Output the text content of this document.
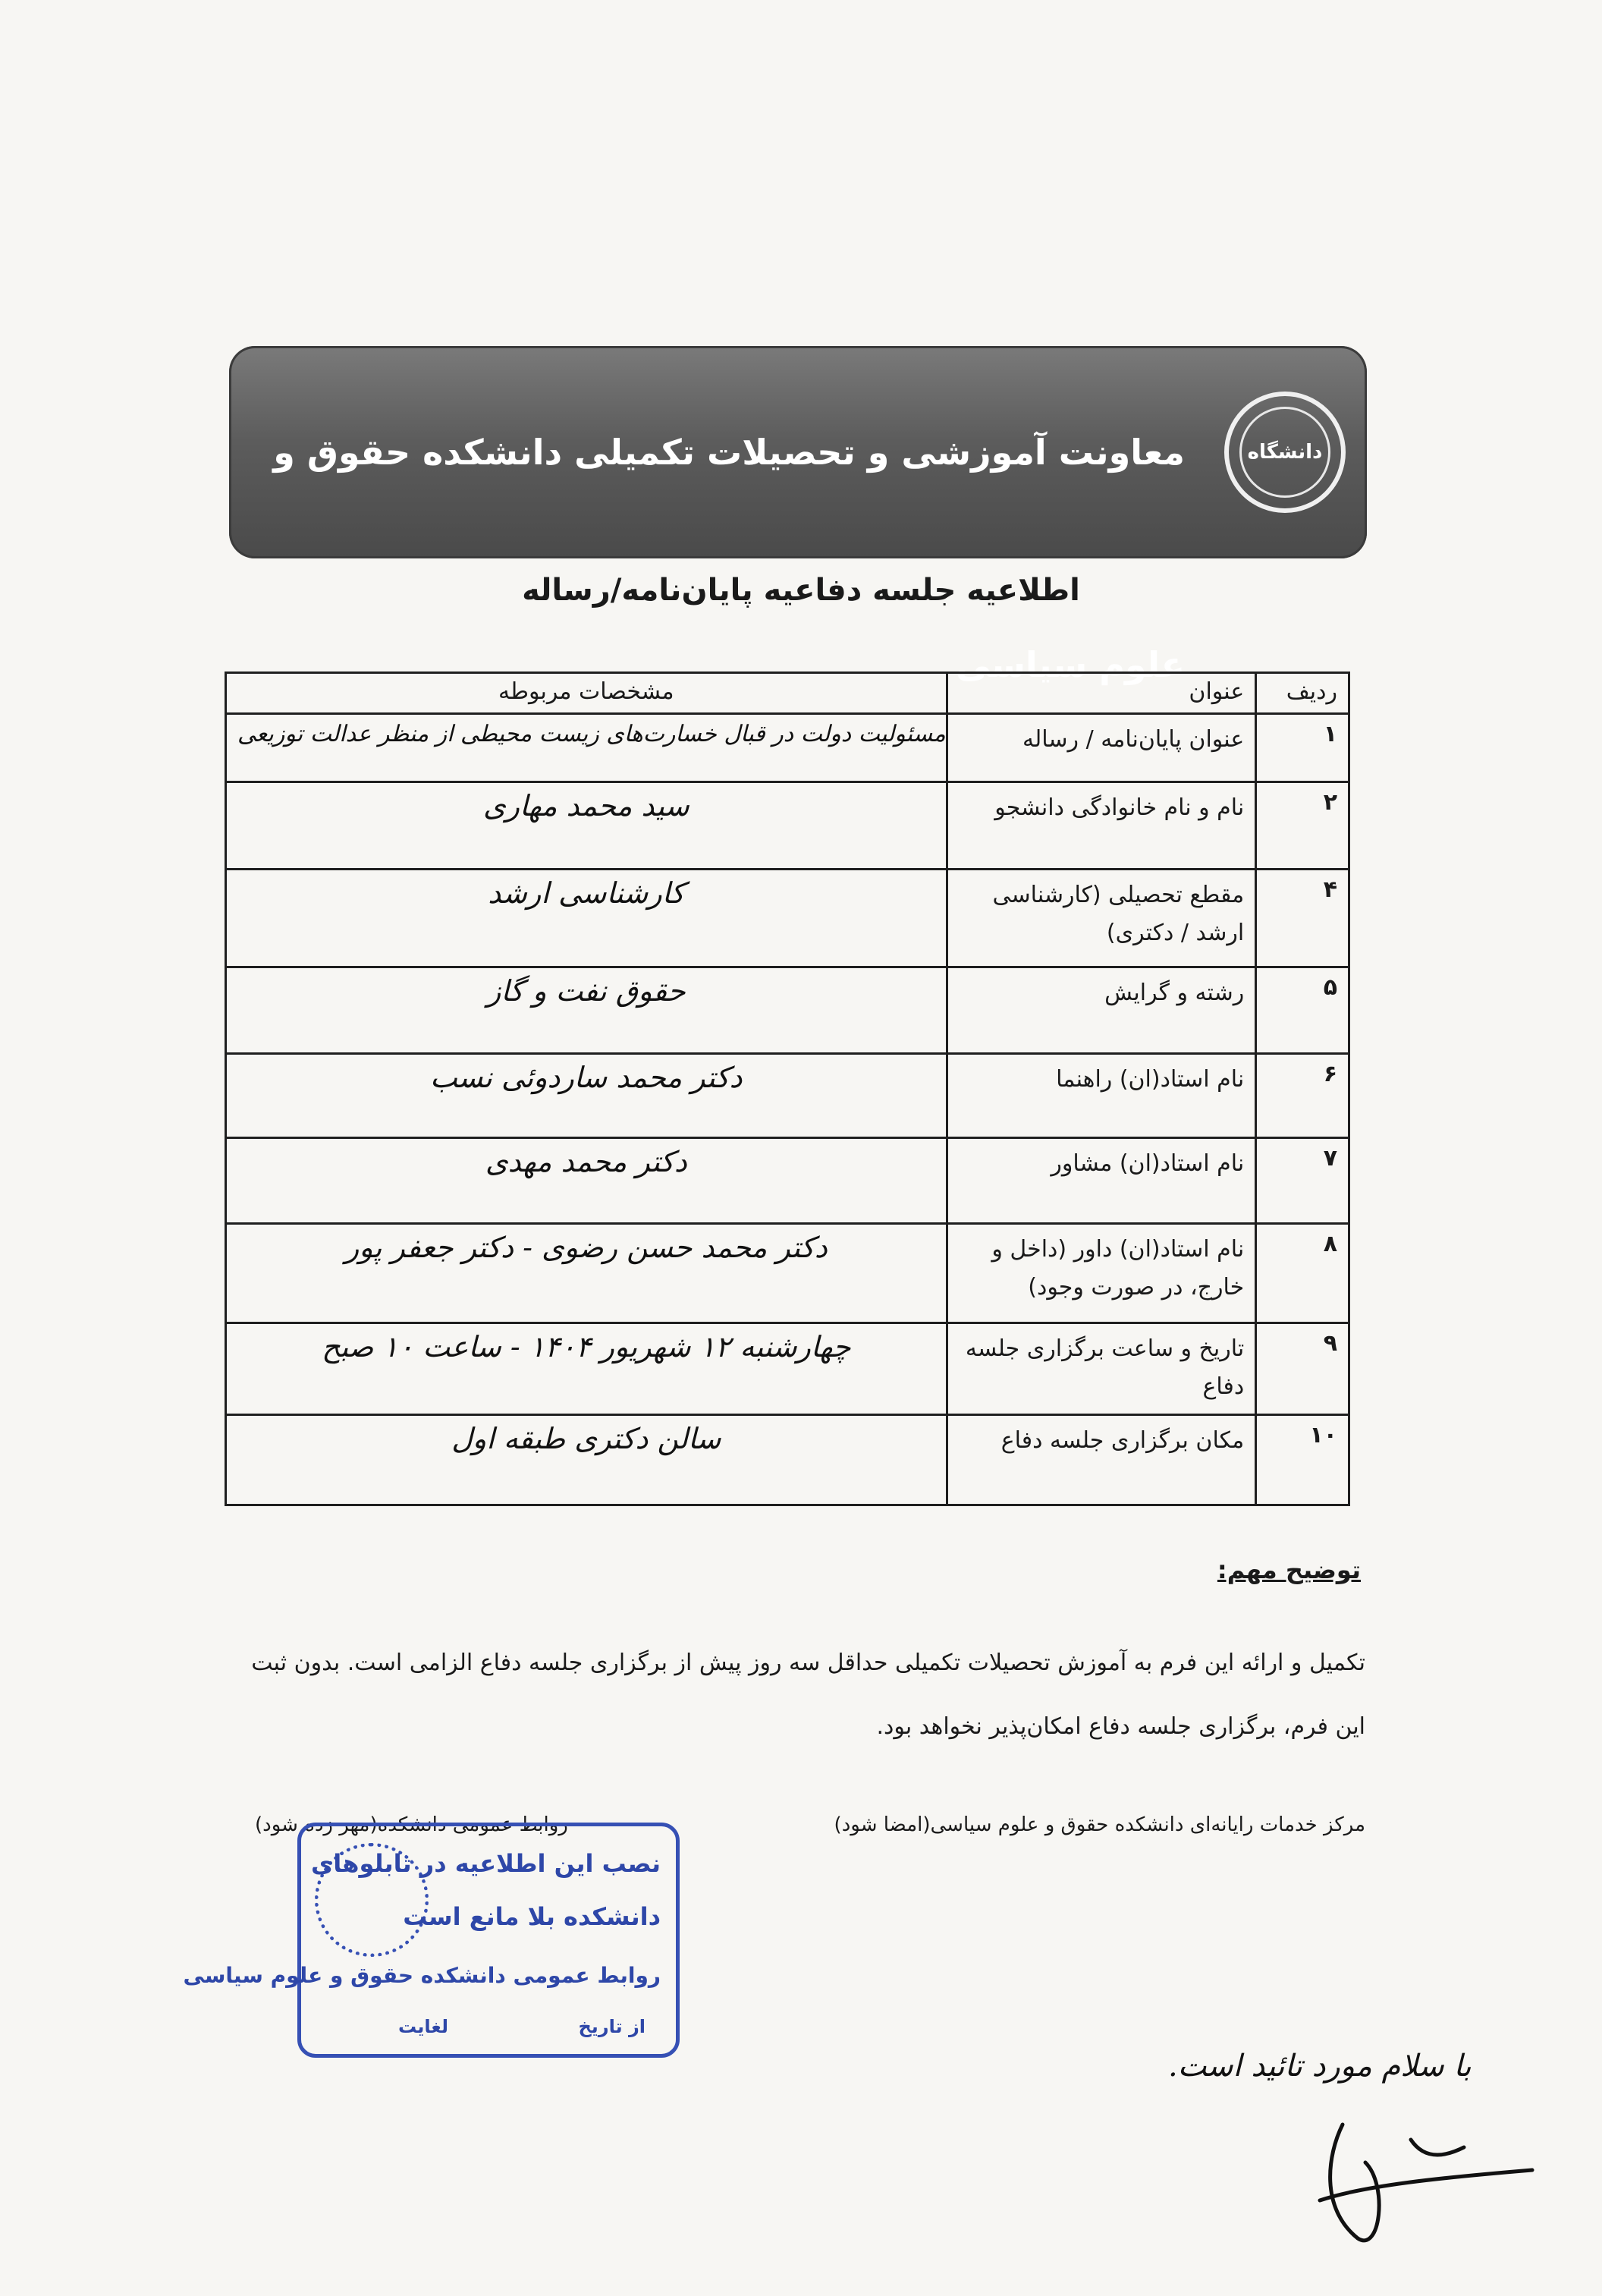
دانشگاه
معاونت آموزشی و تحصیلات تکمیلی دانشکده حقوق و علوم سیاسی
اطلاعیه جلسه دفاعیه پایان‌نامه/رساله
ردیف	عنوان	مشخصات مربوطه
۱	عنوان پایان‌نامه / رساله	مسئولیت دولت در قبال خسارت‌های زیست محیطی از منظر عدالت توزیعی
۲	نام و نام خانوادگی دانشجو	سید محمد مهاری
۴	مقطع تحصیلی (کارشناسی ارشد / دکتری)	کارشناسی ارشد
۵	رشته و گرایش	حقوق نفت و گاز
۶	نام استاد(ان) راهنما	دکتر محمد ساردوئی نسب
۷	نام استاد(ان) مشاور	دکتر محمد مهدی
۸	نام استاد(ان) داور (داخل و خارج، در صورت وجود)	دکتر محمد حسن رضوی - دکتر جعفر پور
۹	تاریخ و ساعت برگزاری جلسه دفاع	چهارشنبه ۱۲ شهریور ۱۴۰۴ - ساعت ۱۰ صبح
۱۰	مکان برگزاری جلسه دفاع	سالن دکتری طبقه اول
توضیح مهم:
تکمیل و ارائه این فرم به آموزش تحصیلات تکمیلی حداقل سه روز پیش از برگزاری جلسه دفاع الزامی است. بدون ثبت این فرم، برگزاری جلسه دفاع امکان‌پذیر نخواهد بود.
مرکز خدمات رایانه‌ای دانشکده حقوق و علوم سیاسی(امضا شود)
روابط عمومی دانشکده(مهر زده شود)
نصب این اطلاعیه در تابلوهای
دانشکده بلا مانع است
روابط عمومی دانشکده حقوق و علوم سیاسی
از تاریخ
لغایت
با سلام مورد تائید است.
